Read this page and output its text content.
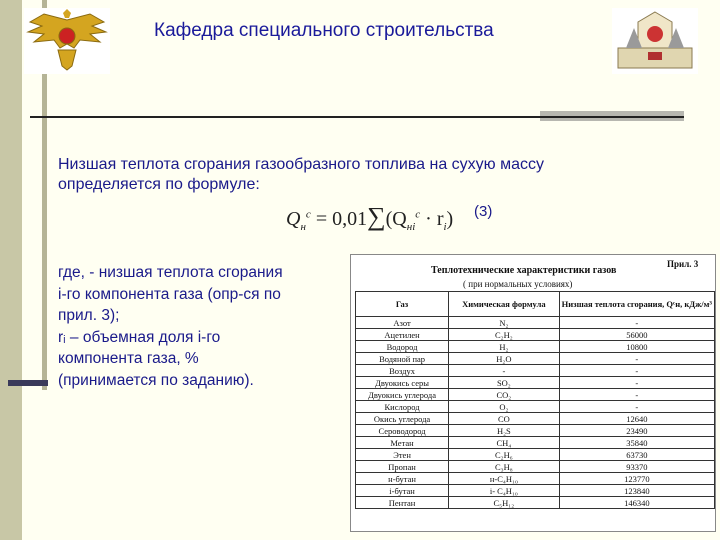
Кафедра специального строительства
Низшая теплота сгорания газообразного топлива на сухую массу определяется по формуле:
$Q_н^с = 0,01\sum(Q_{нi}^с \cdot r_i)$ (3)
где, - низшая теплота сгорания i-го компонента газа (опр-ся по прил. 3);
rᵢ – объемная доля i-го компонента газа, % (принимается по заданию).
Прил. 3
Теплотехнические характеристики газов
( при нормальных условиях)
Газ	Химическая формула	Низшая теплота сгорания, Qᶜн, кДж/м³
Азот	N₂	-
Ацетилен	C₂H₂	56000
Водород	H₂	10800
Водяной пар	H₂O	-
Воздух	-	-
Двуокись серы	SO₂	-
Двуокись углерода	CO₂	-
Кислород	O₂	-
Окись углерода	CO	12640
Сероводород	H₂S	23490
Метан	CH₄	35840
Этен	C₂H₆	63730
Пропан	C₃H₈	93370
н-бутан	н-C₄H₁₀	123770
i-бутан	i- C₄H₁₀	123840
Пентан	C₅H₁₂	146340
